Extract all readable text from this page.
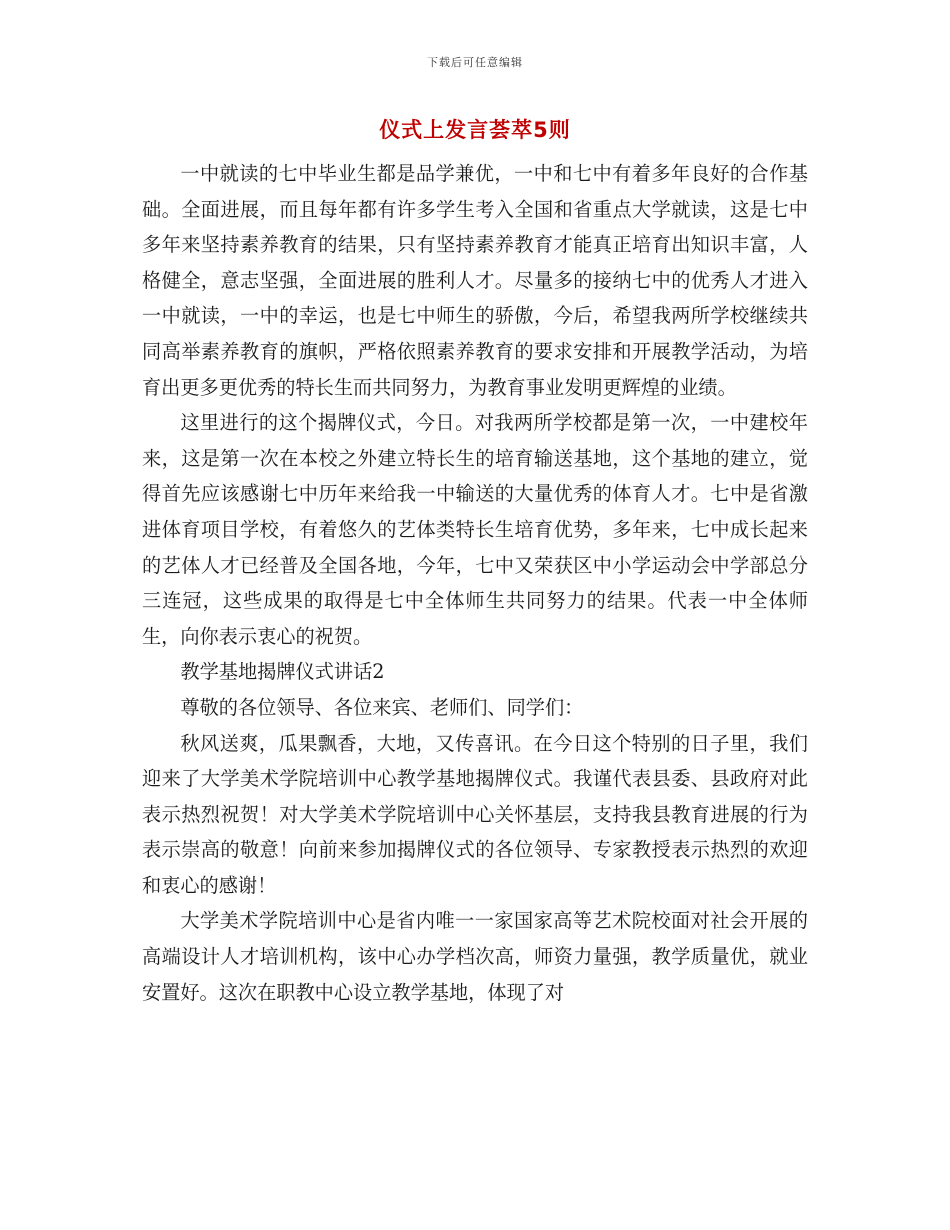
下载后可任意编辑
仪式上发言荟萃5则

一中就读的七中毕业生都是品学兼优，一中和七中有着多年良好的合作基础。全面进展，而且每年都有许多学生考入全国和省重点大学就读，这是七中多年来坚持素养教育的结果，只有坚持素养教育才能真正培育出知识丰富，人格健全，意志坚强，全面进展的胜利人才。尽量多的接纳七中的优秀人才进入一中就读，一中的幸运，也是七中师生的骄傲，今后，希望我两所学校继续共同高举素养教育的旗帜，严格依照素养教育的要求安排和开展教学活动，为培育出更多更优秀的特长生而共同努力，为教育事业发明更辉煌的业绩。

这里进行的这个揭牌仪式，今日。对我两所学校都是第一次，一中建校年来，这是第一次在本校之外建立特长生的培育输送基地，这个基地的建立，觉得首先应该感谢七中历年来给我一中输送的大量优秀的体育人才。七中是省激进体育项目学校，有着悠久的艺体类特长生培育优势，多年来，七中成长起来的艺体人才已经普及全国各地，今年，七中又荣获区中小学运动会中学部总分三连冠，这些成果的取得是七中全体师生共同努力的结果。代表一中全体师生，向你表示衷心的祝贺。

教学基地揭牌仪式讲话2

尊敬的各位领导、各位来宾、老师们、同学们：

秋风送爽，瓜果飘香，大地，又传喜讯。在今日这个特别的日子里，我们迎来了大学美术学院培训中心教学基地揭牌仪式。我谨代表县委、县政府对此表示热烈祝贺！对大学美术学院培训中心关怀基层，支持我县教育进展的行为表示崇高的敬意！向前来参加揭牌仪式的各位领导、专家教授表示热烈的欢迎和衷心的感谢！

大学美术学院培训中心是省内唯一一家国家高等艺术院校面对社会开展的高端设计人才培训机构，该中心办学档次高，师资力量强，教学质量优，就业安置好。这次在职教中心设立教学基地，体现了对
